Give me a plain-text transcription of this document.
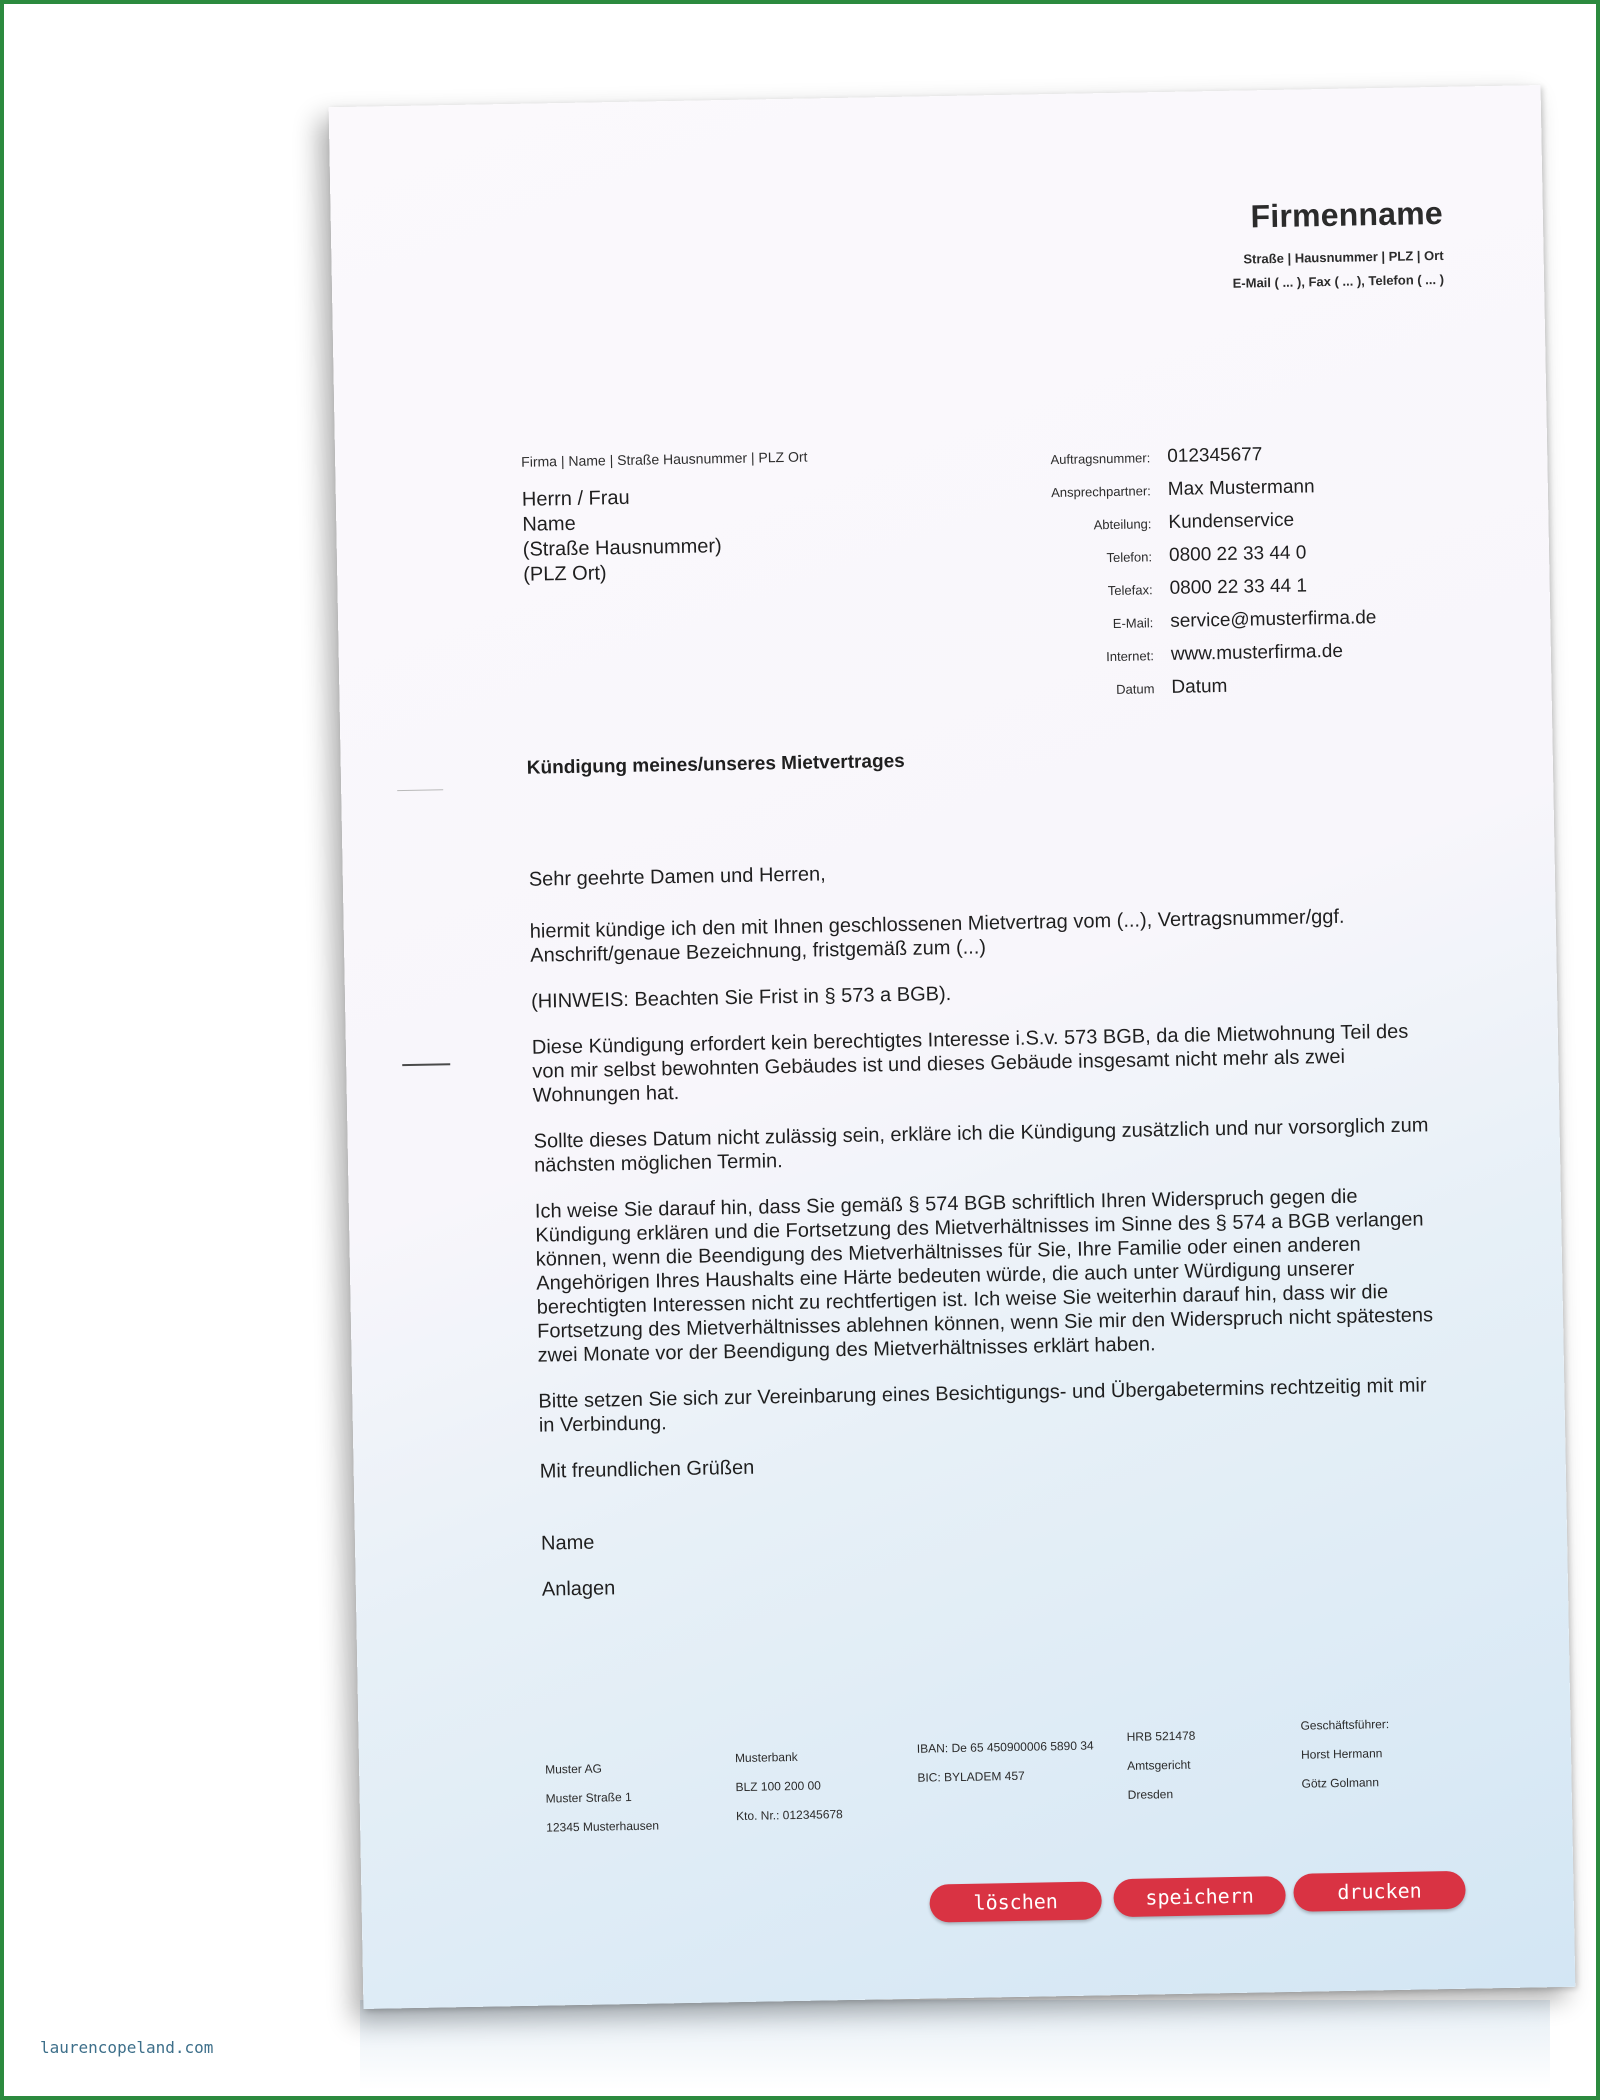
Firmenname
Straße | Hausnummer | PLZ | Ort
E-Mail ( ... ), Fax ( ... ), Telefon ( ... )
Firma | Name | Straße Hausnummer | PLZ Ort
Herrn / Frau
Name
(Straße Hausnummer)
(PLZ Ort)
Auftragsnummer: 012345677
Ansprechpartner: Max Mustermann
Abteilung: Kundenservice
Telefon: 0800 22 33 44 0
Telefax: 0800 22 33 44 1
E-Mail: service@musterfirma.de
Internet: www.musterfirma.de
Datum Datum
Kündigung meines/unseres Mietvertrages

Sehr geehrte Damen und Herren,

hiermit kündige ich den mit Ihnen geschlossenen Mietvertrag vom (...), Vertragsnummer/ggf. Anschrift/genaue Bezeichnung, fristgemäß zum (...)

(HINWEIS: Beachten Sie Frist in § 573 a BGB).

Diese Kündigung erfordert kein berechtigtes Interesse i.S.v. 573 BGB, da die Mietwohnung Teil des von mir selbst bewohnten Gebäudes ist und dieses Gebäude insgesamt nicht mehr als zwei Wohnungen hat.

Sollte dieses Datum nicht zulässig sein, erkläre ich die Kündigung zusätzlich und nur vorsorglich zum nächsten möglichen Termin.

Ich weise Sie darauf hin, dass Sie gemäß § 574 BGB schriftlich Ihren Widerspruch gegen die Kündigung erklären und die Fortsetzung des Mietverhältnisses im Sinne des § 574 a BGB verlangen können, wenn die Beendigung des Mietverhältnisses für Sie, Ihre Familie oder einen anderen Angehörigen Ihres Haushalts eine Härte bedeuten würde, die auch unter Würdigung unserer berechtigten Interessen nicht zu rechtfertigen ist. Ich weise Sie weiterhin darauf hin, dass wir die Fortsetzung des Mietverhältnisses ablehnen können, wenn Sie mir den Widerspruch nicht spätestens zwei Monate vor der Beendigung des Mietverhältnisses erklärt haben.

Bitte setzen Sie sich zur Vereinbarung eines Besichtigungs- und Übergabetermins rechtzeitig mit mir in Verbindung.

Mit freundlichen Grüßen

Name

Anlagen

Muster AG
Muster Straße 1
12345 Musterhausen
Musterbank
BLZ 100 200 00
Kto. Nr.: 012345678
IBAN: De 65 450900006 5890 34
BIC: BYLADEM 457
HRB 521478
Amtsgericht
Dresden
Geschäftsführer:
Horst Hermann
Götz Golmann
löschen	speichern	drucken
laurencopeland.com
